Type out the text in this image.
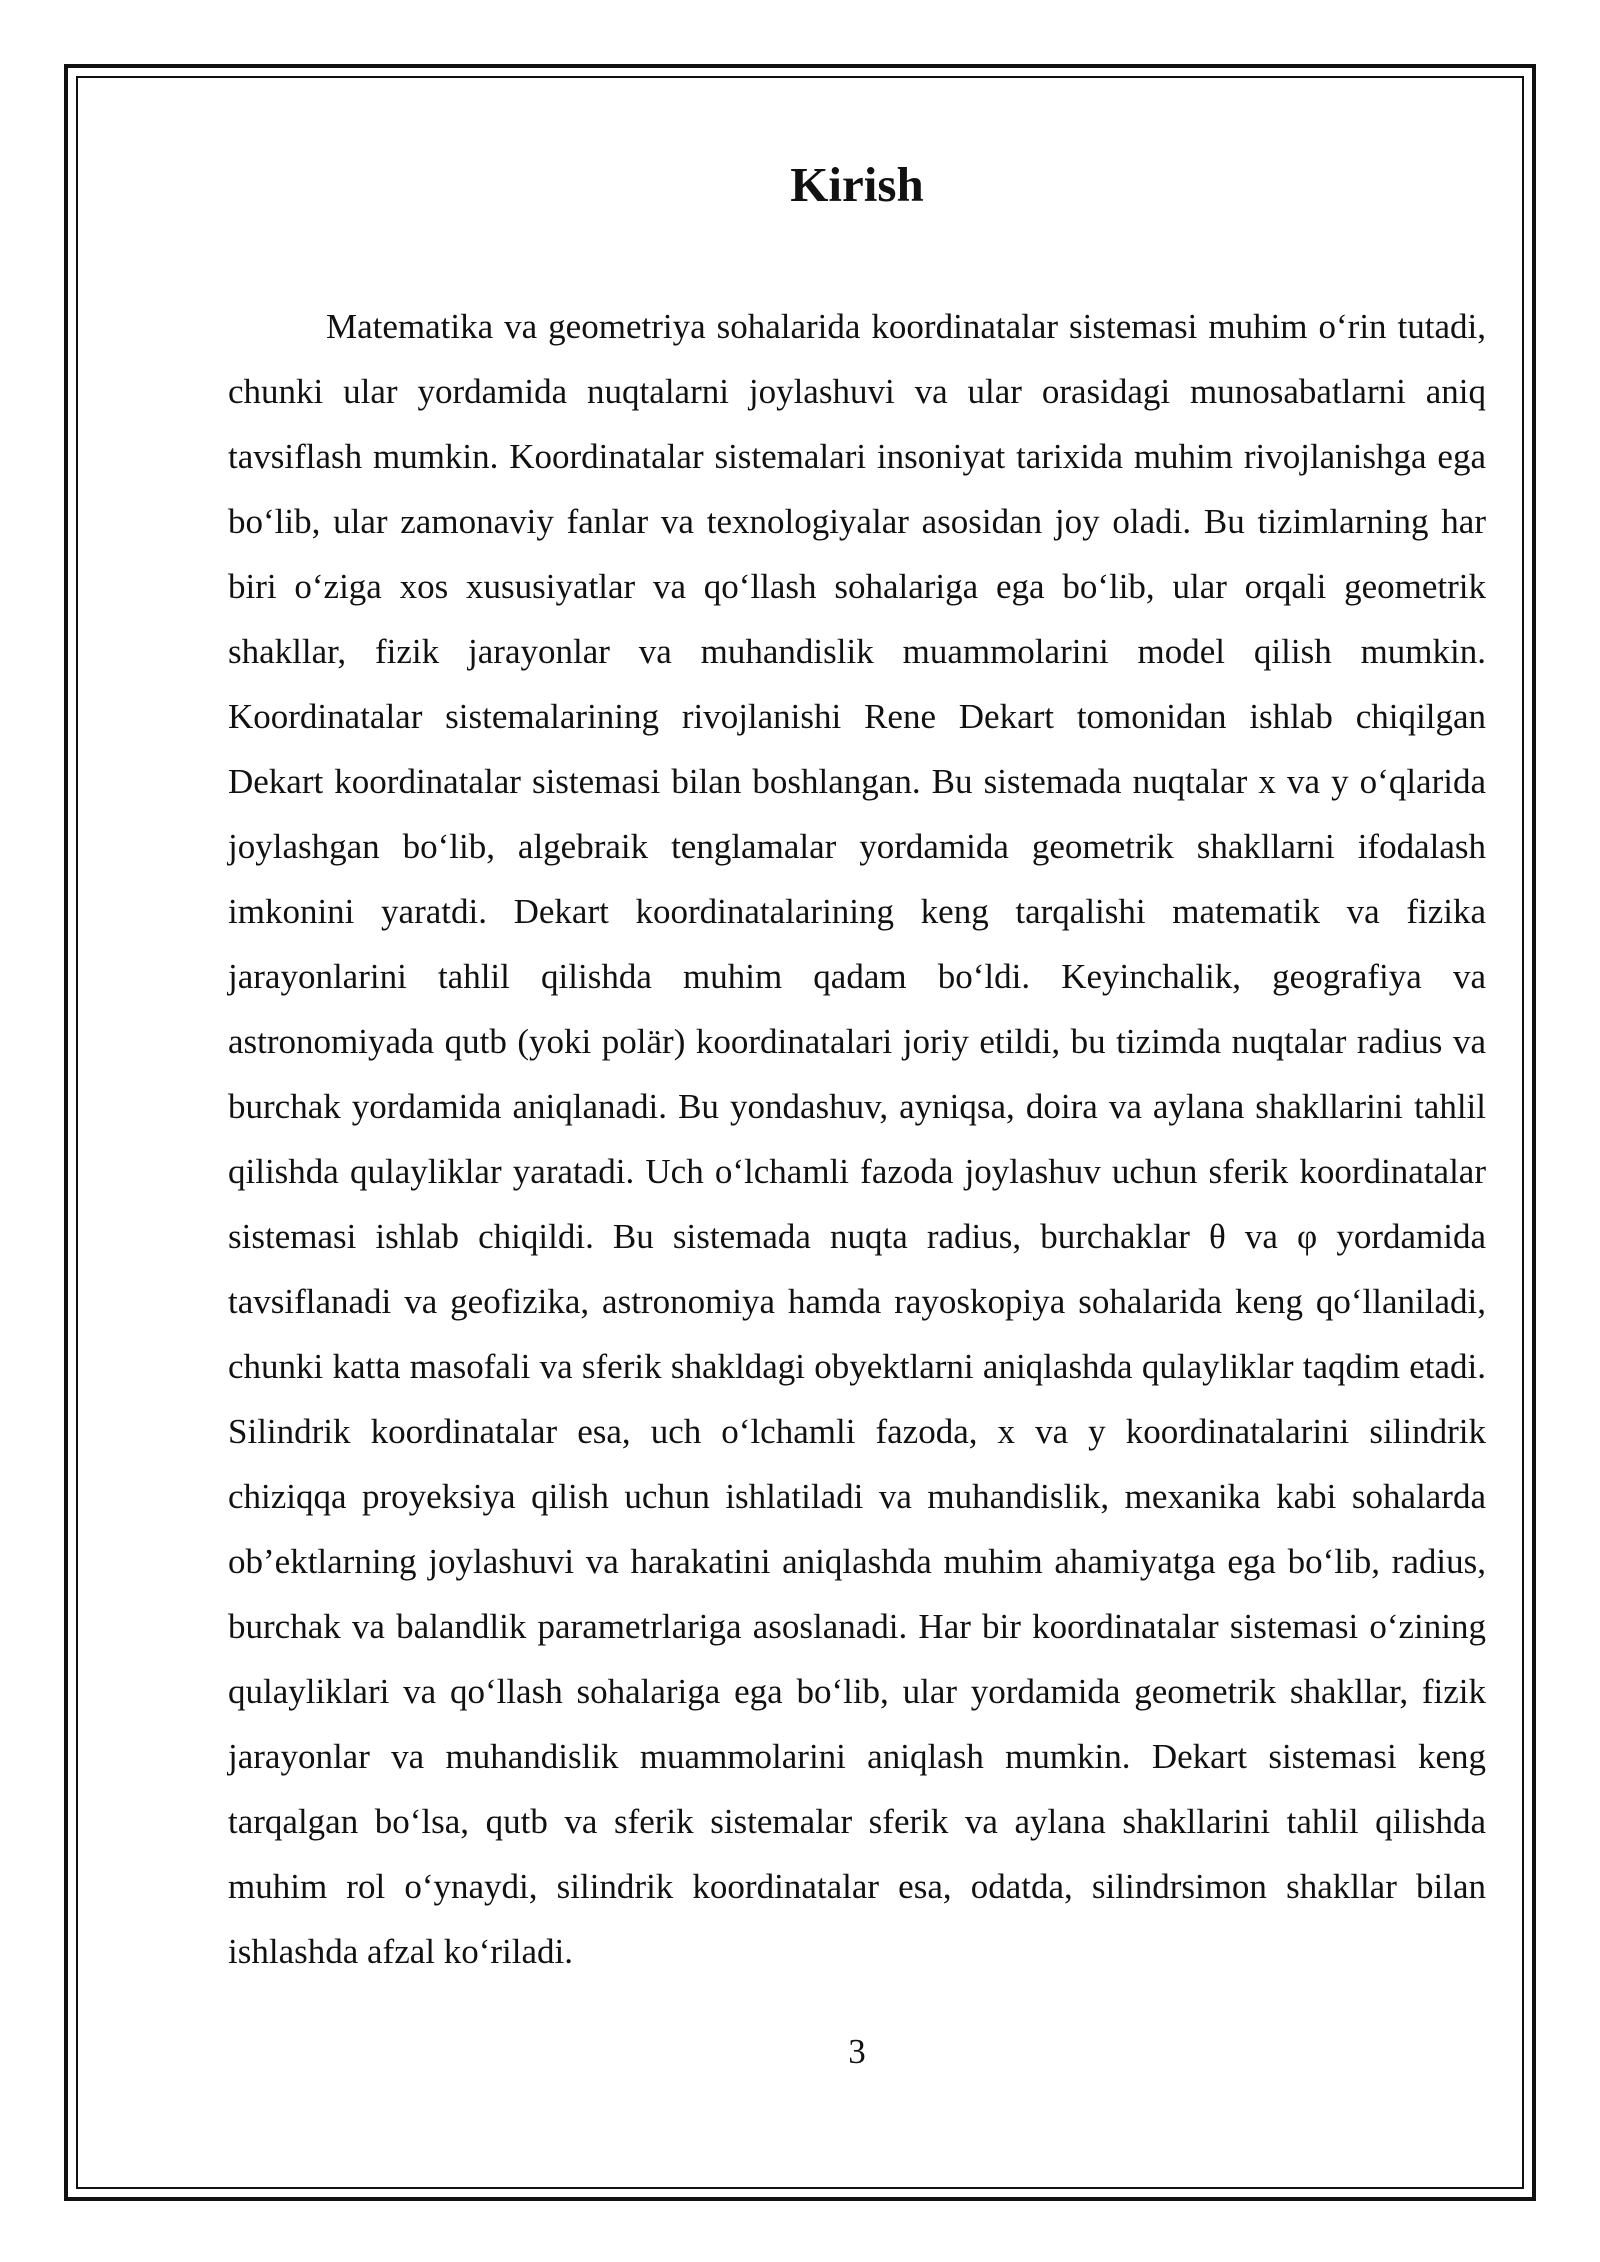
Kirish

Matematika va geometriya sohalarida koordinatalar sistemasi muhim o‘rin tutadi, chunki ular yordamida nuqtalarni joylashuvi va ular orasidagi munosabatlarni aniq tavsiflash mumkin. Koordinatalar sistemalari insoniyat tarixida muhim rivojlanishga ega bo‘lib, ular zamonaviy fanlar va texnologiyalar asosidan joy oladi. Bu tizimlarning har biri o‘ziga xos xususiyatlar va qo‘llash sohalariga ega bo‘lib, ular orqali geometrik shakllar, fizik jarayonlar va muhandislik muammolarini model qilish mumkin. Koordinatalar sistemalarining rivojlanishi Rene Dekart tomonidan ishlab chiqilgan Dekart koordinatalar sistemasi bilan boshlangan. Bu sistemada nuqtalar x va y o‘qlarida joylashgan bo‘lib, algebraik tenglamalar yordamida geometrik shakllarni ifodalash imkonini yaratdi. Dekart koordinatalarining keng tarqalishi matematik va fizika jarayonlarini tahlil qilishda muhim qadam bo‘ldi. Keyinchalik, geografiya va astronomiyada qutb (yoki polär) koordinatalari joriy etildi, bu tizimda nuqtalar radius va burchak yordamida aniqlanadi. Bu yondashuv, ayniqsa, doira va aylana shakllarini tahlil qilishda qulayliklar yaratadi. Uch o‘lchamli fazoda joylashuv uchun sferik koordinatalar sistemasi ishlab chiqildi. Bu sistemada nuqta radius, burchaklar θ va φ yordamida tavsiflanadi va geofizika, astronomiya hamda rayoskopiya sohalarida keng qo‘llaniladi, chunki katta masofali va sferik shakldagi obyektlarni aniqlashda qulayliklar taqdim etadi. Silindrik koordinatalar esa, uch o‘lchamli fazoda, x va y koordinatalarini silindrik chiziqqa proyeksiya qilish uchun ishlatiladi va muhandislik, mexanika kabi sohalarda ob’ektlarning joylashuvi va harakatini aniqlashda muhim ahamiyatga ega bo‘lib, radius, burchak va balandlik parametrlariga asoslanadi. Har bir koordinatalar sistemasi o‘zining qulayliklari va qo‘llash sohalariga ega bo‘lib, ular yordamida geometrik shakllar, fizik jarayonlar va muhandislik muammolarini aniqlash mumkin. Dekart sistemasi keng tarqalgan bo‘lsa, qutb va sferik sistemalar sferik va aylana shakllarini tahlil qilishda muhim rol o‘ynaydi, silindrik koordinatalar esa, odatda, silindrsimon shakllar bilan ishlashda afzal ko‘riladi.

3
